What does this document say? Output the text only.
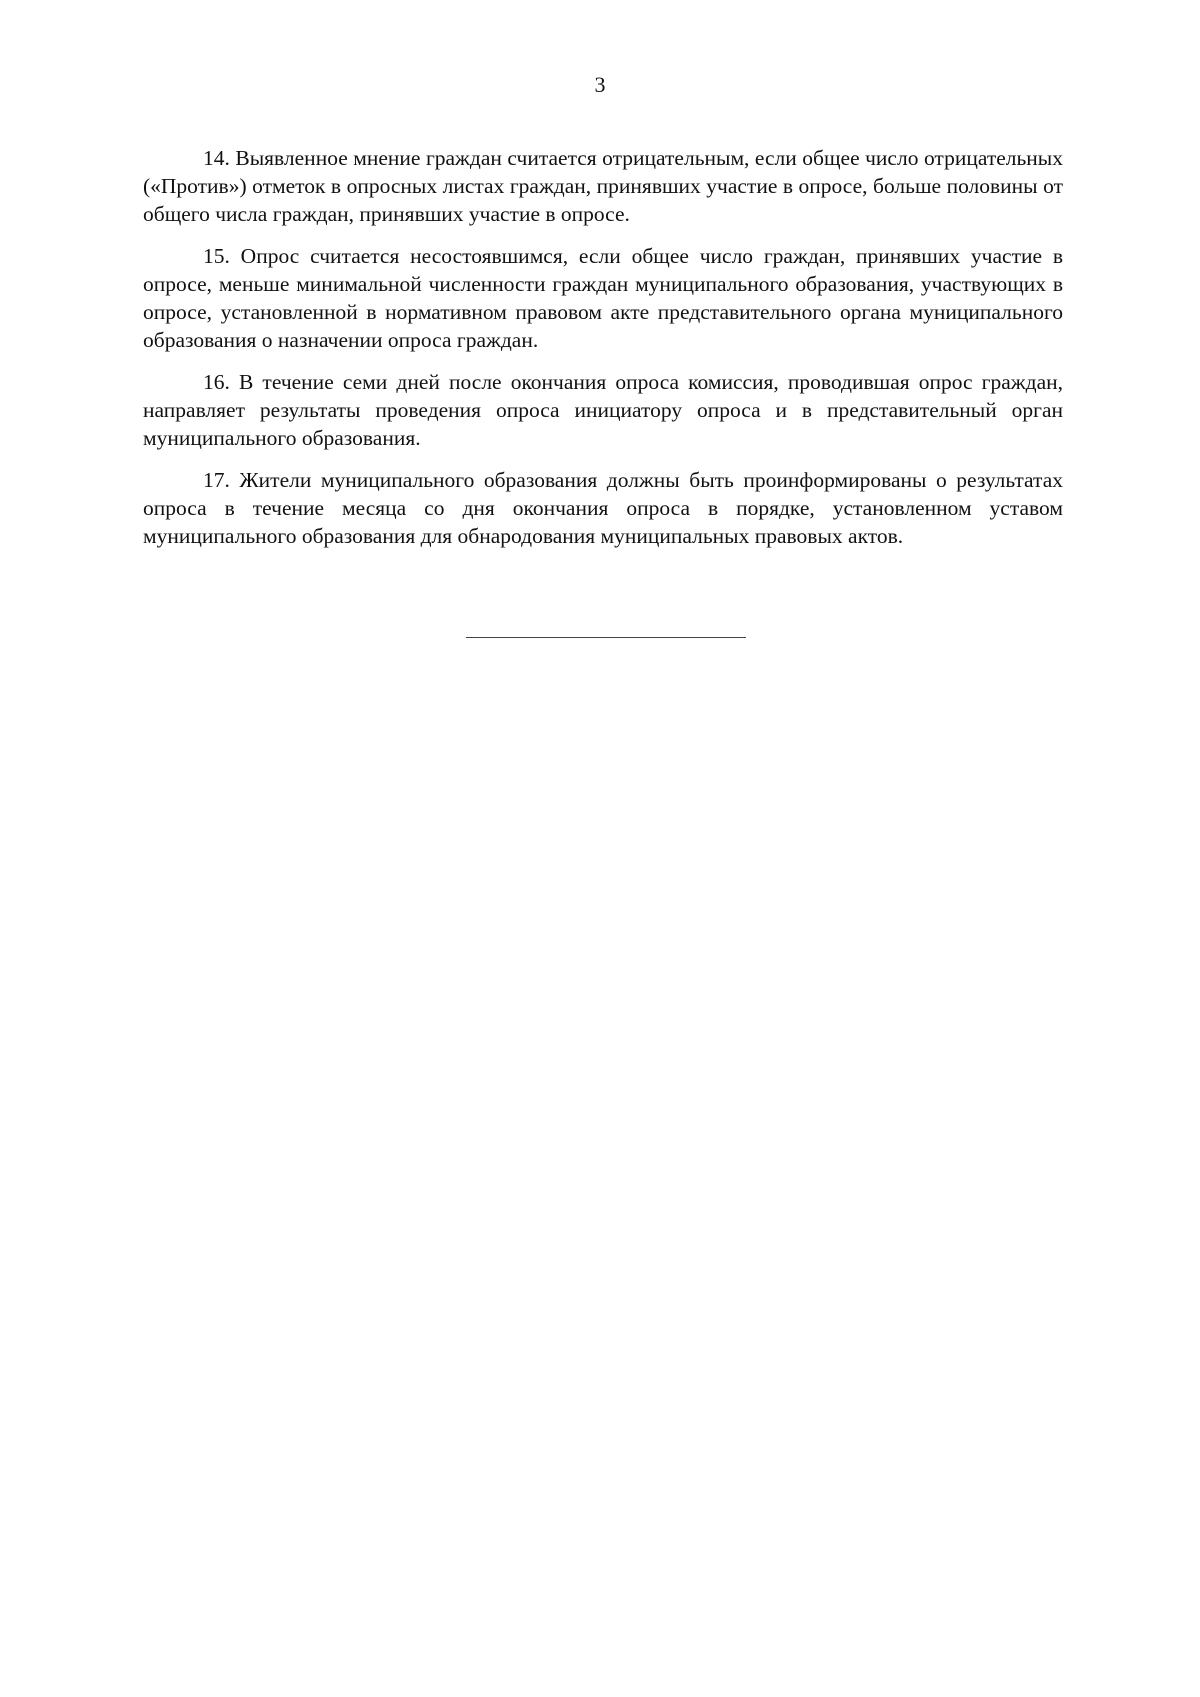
3

14. Выявленное мнение граждан считается отрицательным, если общее число отрицательных («Против») отметок в опросных листах граждан, принявших участие в опросе, больше половины от общего числа граждан, принявших участие в опросе.

15. Опрос считается несостоявшимся, если общее число граждан, принявших участие в опросе, меньше минимальной численности граждан муниципального образования, участвующих в опросе, установленной в нормативном правовом акте представительного органа муниципального образования о назначении опроса граждан.

16. В течение семи дней после окончания опроса комиссия, проводившая опрос граждан, направляет результаты проведения опроса инициатору опроса и в представительный орган муниципального образования.

17. Жители муниципального образования должны быть проинформированы о результатах опроса в течение месяца со дня окончания опроса в порядке, установленном уставом муниципального образования для обнародования муниципальных правовых актов.
